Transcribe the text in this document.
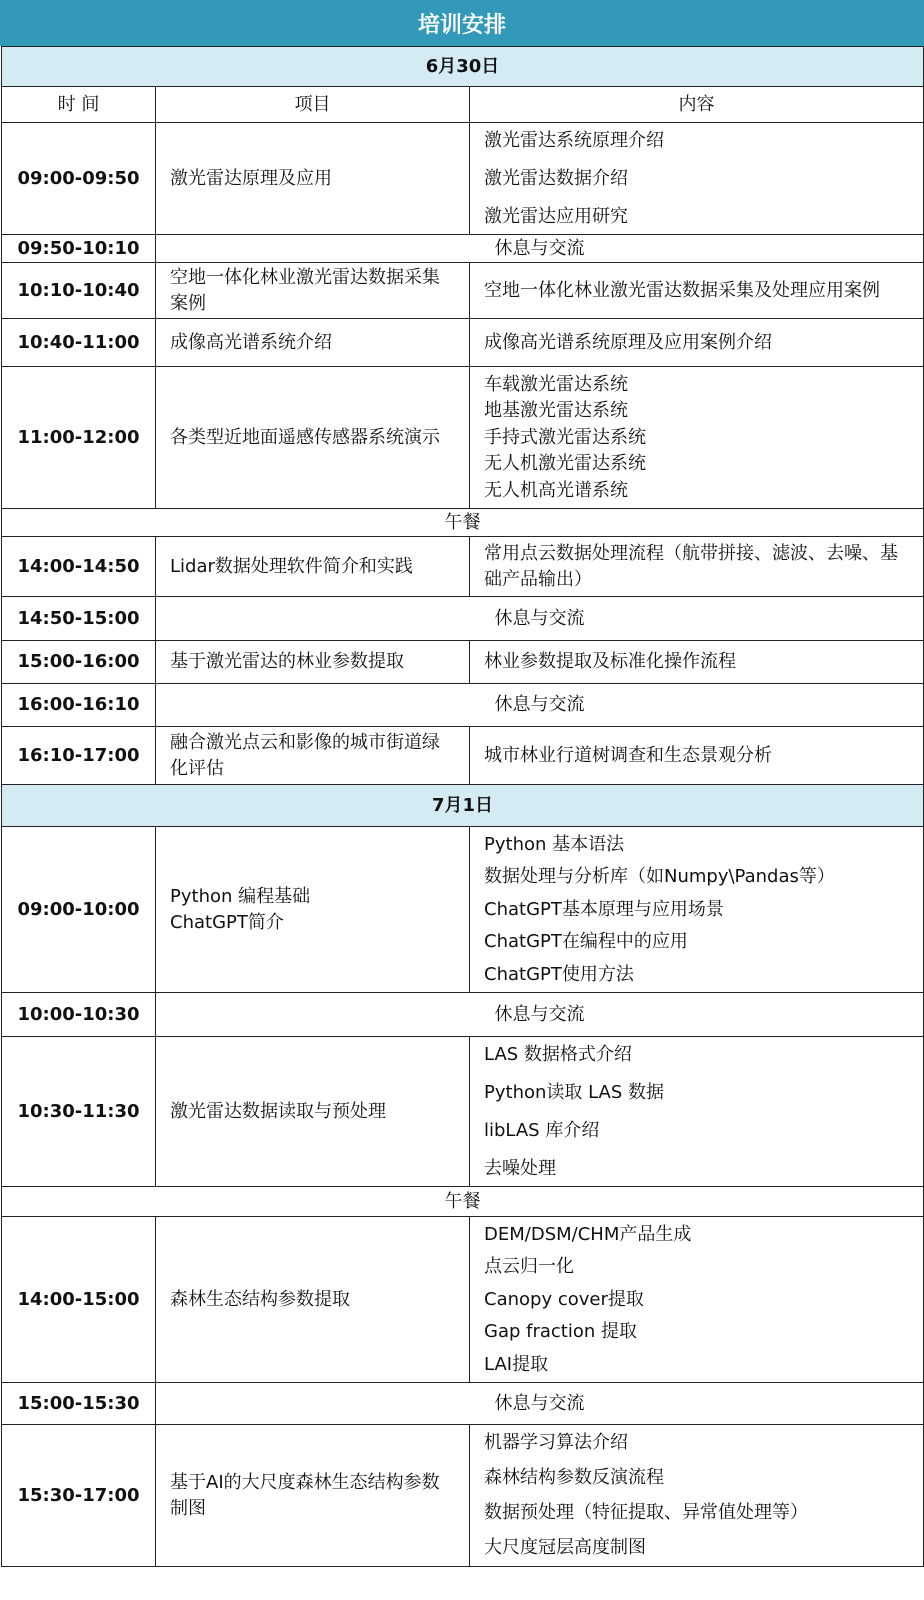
培训安排
6月30日		
时 间	项目	内容
09:00-09:50	激光雷达原理及应用	激光雷达系统原理介绍
激光雷达数据介绍
激光雷达应用研究

09:50-10:10	休息与交流	
10:10-10:40	空地一体化林业激光雷达数据采集案例	空地一体化林业激光雷达数据采集及处理应用案例

10:40-11:00	成像高光谱系统介绍	成像高光谱系统原理及应用案例介绍

11:00-12:00	各类型近地面遥感传感器系统演示	车载激光雷达系统
地基激光雷达系统
手持式激光雷达系统
无人机激光雷达系统
无人机高光谱系统

午餐		
14:00-14:50	Lidar数据处理软件简介和实践	常用点云数据处理流程（航带拼接、滤波、去噪、基础产品输出）

14:50-15:00	休息与交流	
15:00-16:00	基于激光雷达的林业参数提取	林业参数提取及标准化操作流程

16:00-16:10	休息与交流	
16:10-17:00	融合激光点云和影像的城市街道绿化评估	城市林业行道树调查和生态景观分析

7月1日		
09:00-10:00	Python 编程基础
ChatGPT简介	Python 基本语法
数据处理与分析库（如Numpy\Pandas等）
ChatGPT基本原理与应用场景
ChatGPT在编程中的应用
ChatGPT使用方法

10:00-10:30	休息与交流	
10:30-11:30	激光雷达数据读取与预处理	LAS 数据格式介绍
Python读取 LAS 数据
libLAS 库介绍
去噪处理

午餐		
14:00-15:00	森林生态结构参数提取	DEM/DSM/CHM产品生成
点云归一化
Canopy cover提取
Gap fraction 提取
LAI提取

15:00-15:30	休息与交流	
15:30-17:00	基于AI的大尺度森林生态结构参数制图	机器学习算法介绍
森林结构参数反演流程
数据预处理（特征提取、异常值处理等）
大尺度冠层高度制图
